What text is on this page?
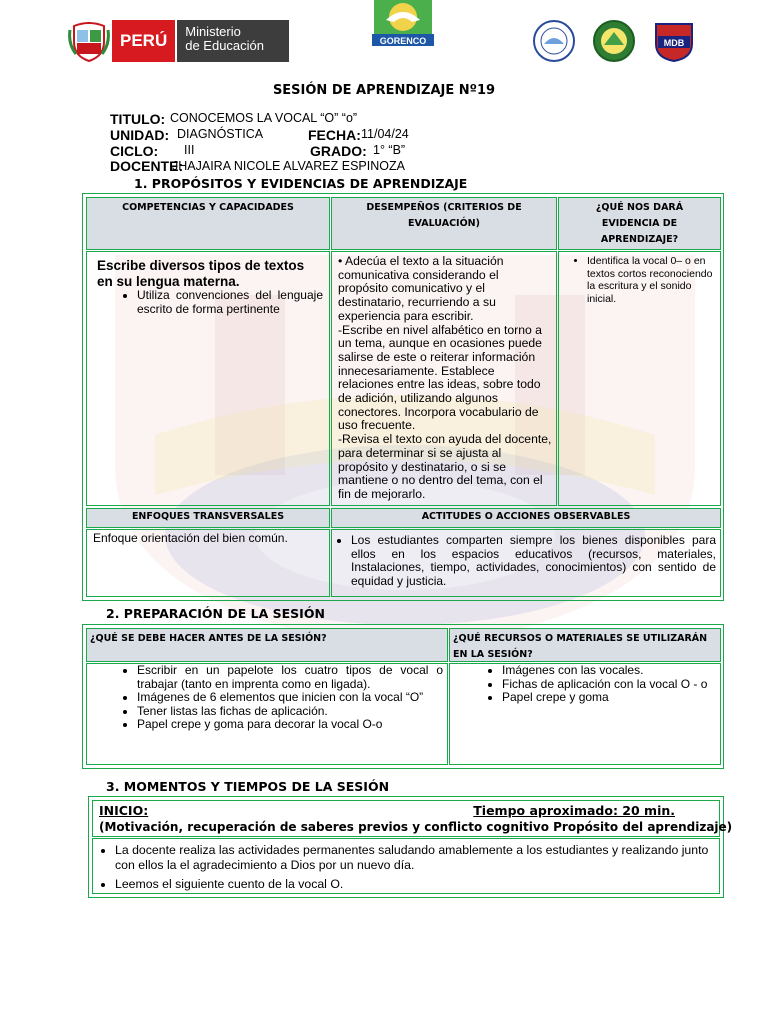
PERÚ	Ministerio
de Educación	GORENCO	MDB
SESIÓN DE APRENDIZAJE Nº19
TITULO: CONOCEMOS LA VOCAL “O” “o”
UNIDAD: DIAGNÓSTICA	FECHA: 11/04/24
CICLO: III	GRADO: 1° “B”
DOCENTE:
JHAJAIRA NICOLE ALVAREZ ESPINOZA
1. PROPÓSITOS Y EVIDENCIAS DE APRENDIZAJE
COMPETENCIAS Y CAPACIDADES	DESEMPEÑOS (CRITERIOS DE EVALUACIÓN)
¿QUÉ NOS DARÁ EVIDENCIA DE APRENDIZAJE?
Escribe diversos tipos de textos en su lengua materna.
• Utiliza convenciones del lenguaje escrito de forma pertinente
• Adecúa el texto a la situación comunicativa considerando el propósito comunicativo y el destinatario, recurriendo a su experiencia para escribir.
-Escribe en nivel alfabético en torno a un tema, aunque en ocasiones puede salirse de este o reiterar información innecesariamente. Establece relaciones entre las ideas, sobre todo de adición, utilizando algunos conectores. Incorpora vocabulario de uso frecuente.
-Revisa el texto con ayuda del docente, para determinar si se ajusta al propósito y destinatario, o si se mantiene o no dentro del tema, con el fin de mejorarlo.
• Identifica la vocal 0– o en textos cortos reconociendo la escritura y el sonido inicial.
ENFOQUES TRANSVERSALES	ACTITUDES O ACCIONES OBSERVABLES
Enfoque orientación del bien común.
•	Los estudiantes comparten siempre los bienes disponibles para ellos en los espacios educativos (recursos, materiales, Instalaciones, tiempo, actividades, conocimientos) con sentido de equidad y justicia.
2. PREPARACIÓN DE LA SESIÓN
¿QUÉ SE DEBE HACER ANTES DE LA SESIÓN?	¿QUÉ RECURSOS O MATERIALES SE UTILIZARÁN EN LA SESIÓN?
• Escribir en un papelote los cuatro tipos de vocal o trabajar (tanto en imprenta como en ligada).
• Imágenes de 6 elementos que inicien con la vocal “O”
• Tener listas las fichas de aplicación.
• Papel crepe y goma para decorar la vocal O-o
• Imágenes con las vocales.
• Fichas de aplicación con la vocal O - o
• Papel crepe y goma
3. MOMENTOS Y TIEMPOS DE LA SESIÓN
INICIO:	Tiempo aproximado: 20 min.
(Motivación, recuperación de saberes previos y conflicto cognitivo Propósito del aprendizaje)
• La docente realiza las actividades permanentes saludando amablemente a los estudiantes y realizando junto con ellos la el agradecimiento a Dios por un nuevo día.
• Leemos el siguiente cuento de la vocal O.
